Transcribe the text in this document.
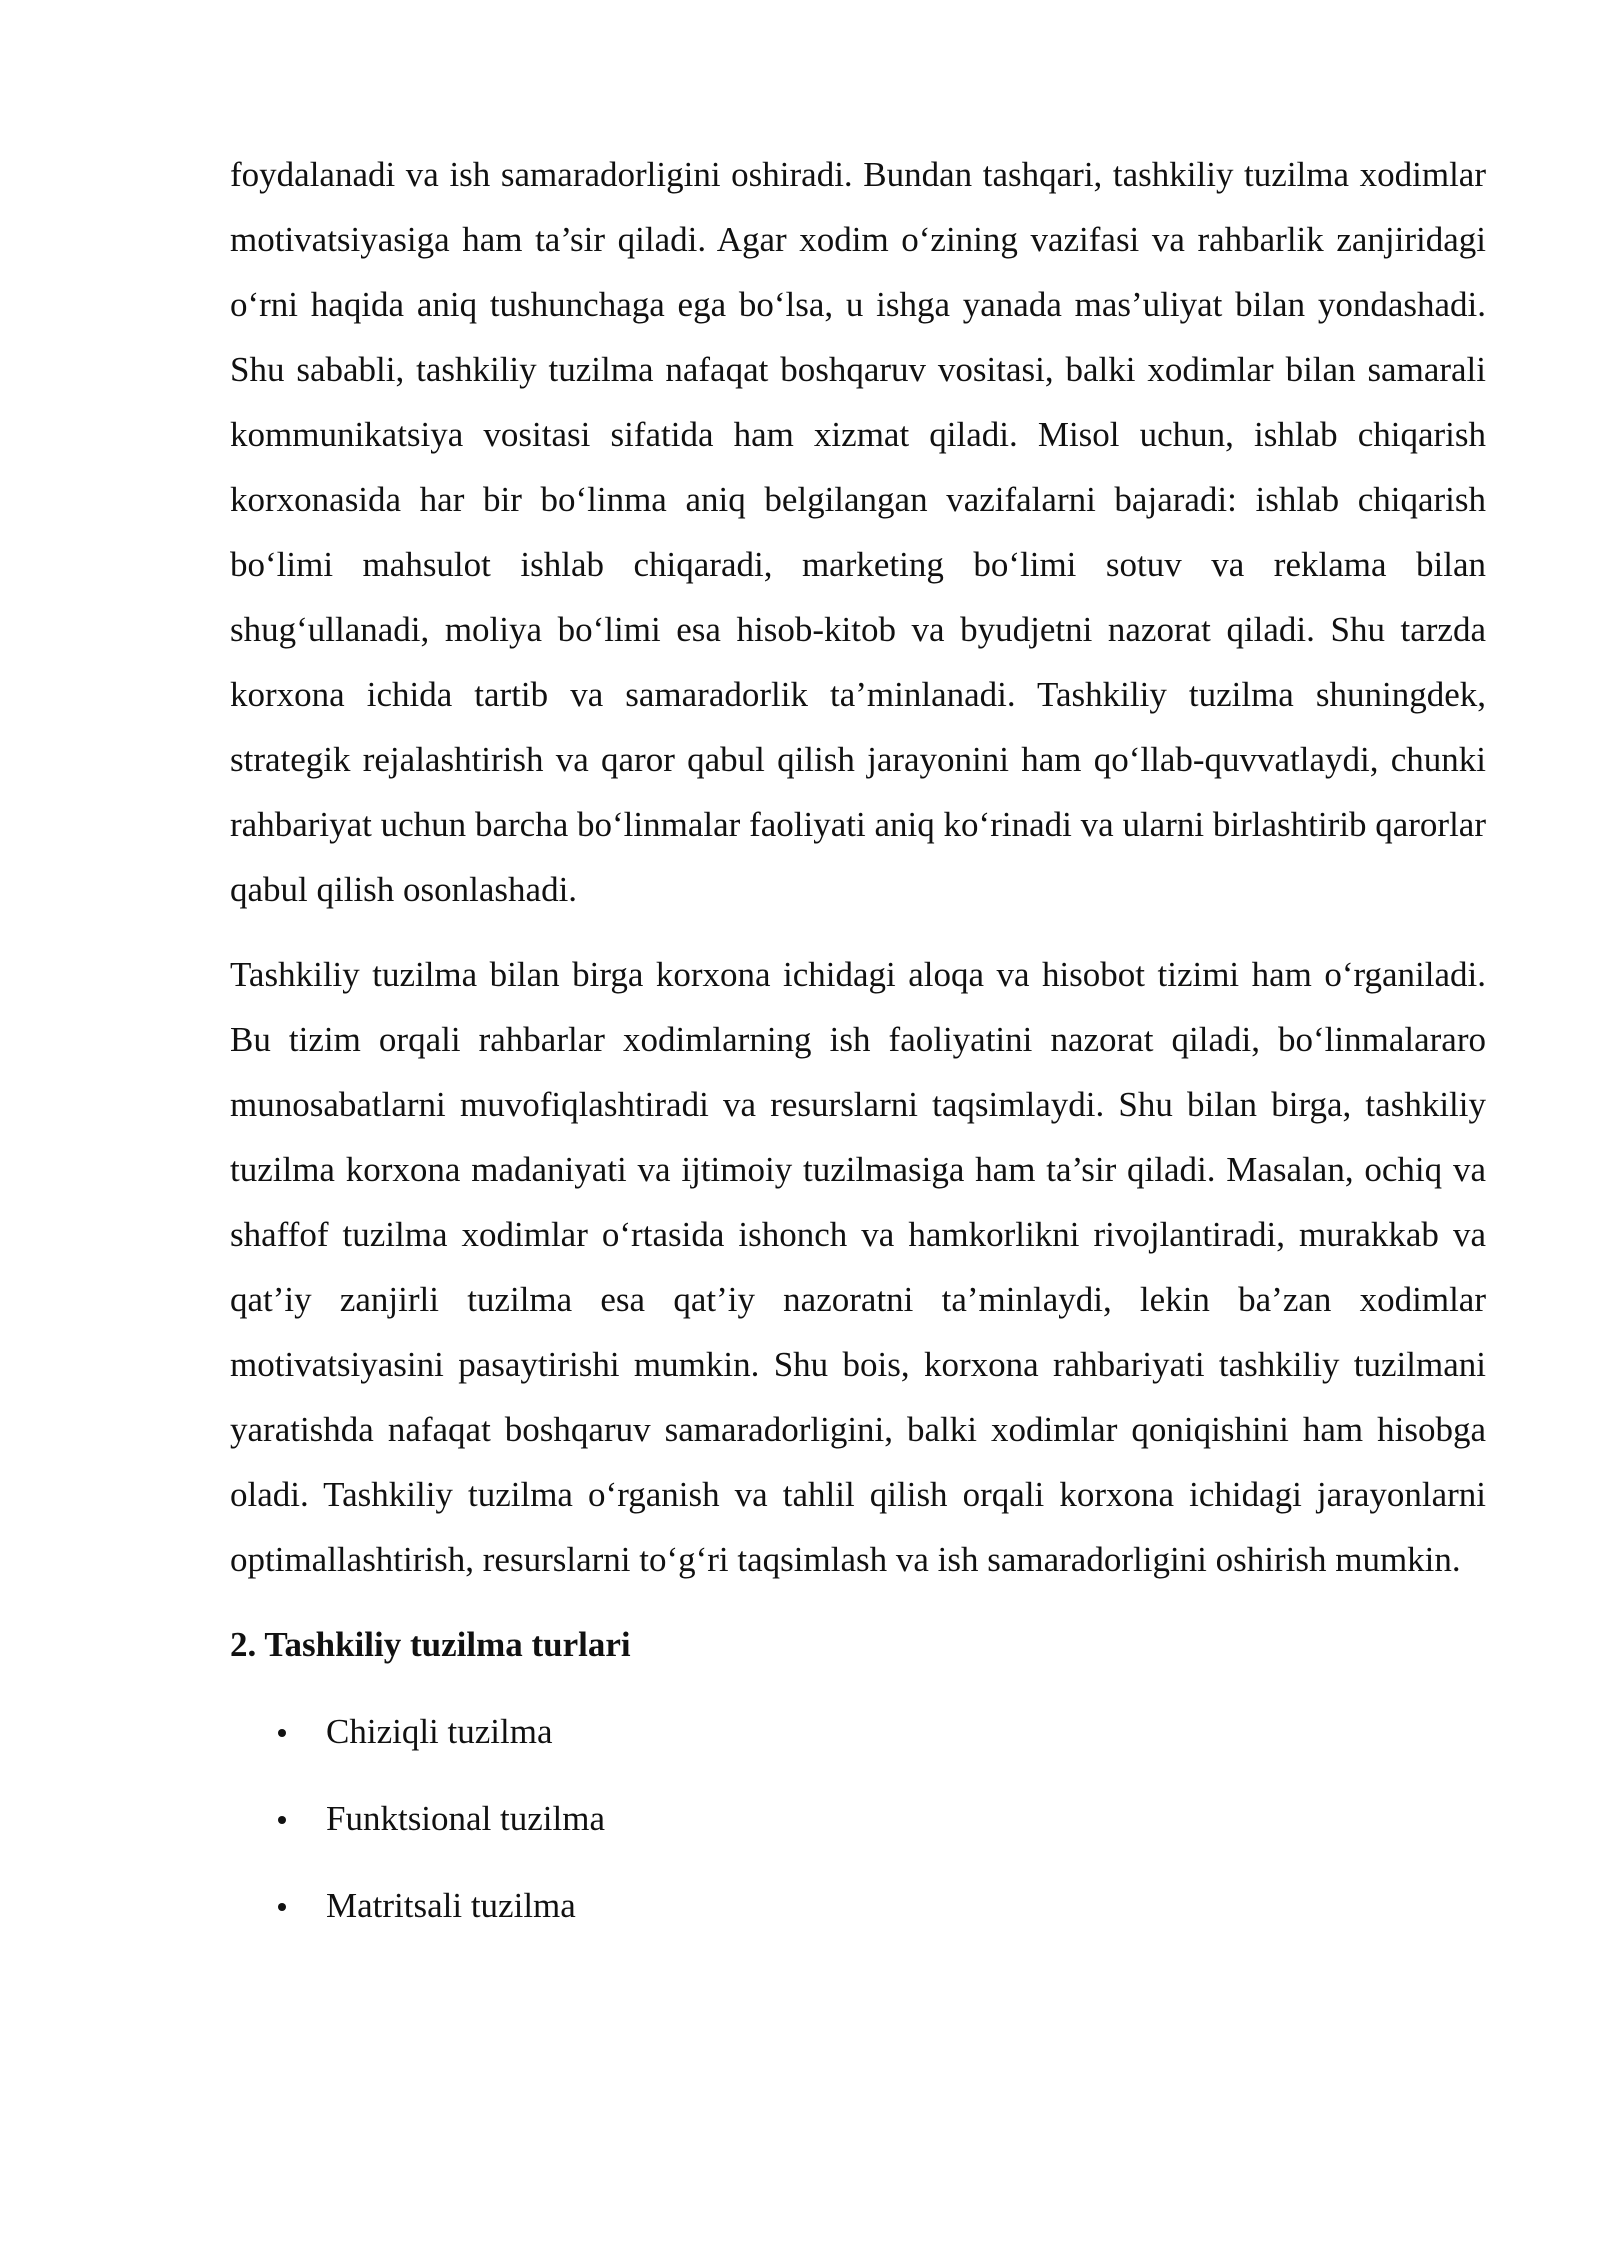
foydalanadi va ish samaradorligini oshiradi. Bundan tashqari, tashkiliy tuzilma xodimlar motivatsiyasiga ham ta’sir qiladi. Agar xodim o‘zining vazifasi va rahbarlik zanjiridagi o‘rni haqida aniq tushunchaga ega bo‘lsa, u ishga yanada mas’uliyat bilan yondashadi. Shu sababli, tashkiliy tuzilma nafaqat boshqaruv vositasi, balki xodimlar bilan samarali kommunikatsiya vositasi sifatida ham xizmat qiladi. Misol uchun, ishlab chiqarish korxonasida har bir bo‘linma aniq belgilangan vazifalarni bajaradi: ishlab chiqarish bo‘limi mahsulot ishlab chiqaradi, marketing bo‘limi sotuv va reklama bilan shug‘ullanadi, moliya bo‘limi esa hisob-kitob va byudjetni nazorat qiladi. Shu tarzda korxona ichida tartib va samaradorlik ta’minlanadi. Tashkiliy tuzilma shuningdek, strategik rejalashtirish va qaror qabul qilish jarayonini ham qo‘llab-quvvatlaydi, chunki rahbariyat uchun barcha bo‘linmalar faoliyati aniq ko‘rinadi va ularni birlashtirib qarorlar qabul qilish osonlashadi.

Tashkiliy tuzilma bilan birga korxona ichidagi aloqa va hisobot tizimi ham o‘rganiladi. Bu tizim orqali rahbarlar xodimlarning ish faoliyatini nazorat qiladi, bo‘linmalararo munosabatlarni muvofiqlashtiradi va resurslarni taqsimlaydi. Shu bilan birga, tashkiliy tuzilma korxona madaniyati va ijtimoiy tuzilmasiga ham ta’sir qiladi. Masalan, ochiq va shaffof tuzilma xodimlar o‘rtasida ishonch va hamkorlikni rivojlantiradi, murakkab va qat’iy zanjirli tuzilma esa qat’iy nazoratni ta’minlaydi, lekin ba’zan xodimlar motivatsiyasini pasaytirishi mumkin. Shu bois, korxona rahbariyati tashkiliy tuzilmani yaratishda nafaqat boshqaruv samaradorligini, balki xodimlar qoniqishini ham hisobga oladi. Tashkiliy tuzilma o‘rganish va tahlil qilish orqali korxona ichidagi jarayonlarni optimallashtirish, resurslarni to‘g‘ri taqsimlash va ish samaradorligini oshirish mumkin.

2. Tashkiliy tuzilma turlari
Chiziqli tuzilma
Funktsional tuzilma
Matritsali tuzilma
